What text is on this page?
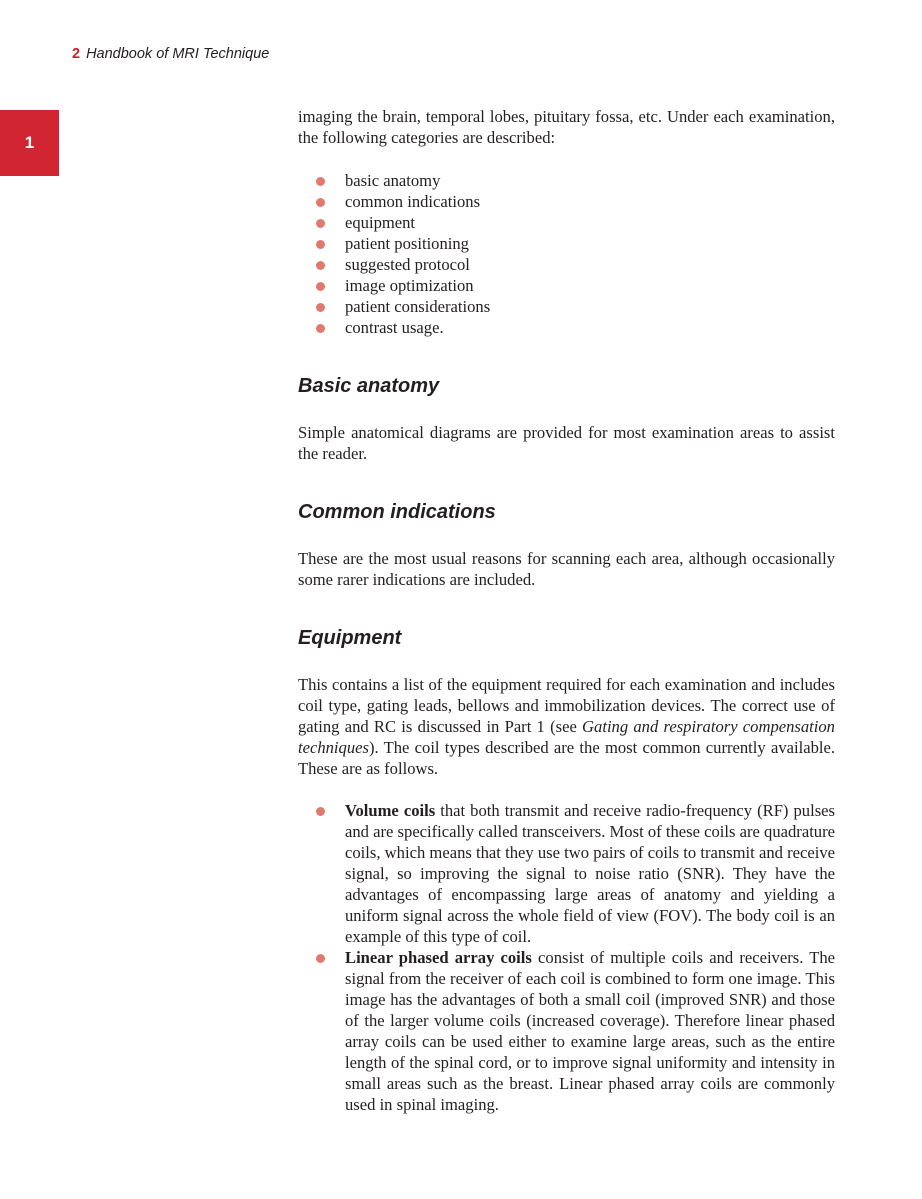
2 Handbook of MRI Technique
1

imaging the brain, temporal lobes, pituitary fossa, etc. Under each examination, the following categories are described:

basic anatomy
common indications
equipment
patient positioning
suggested protocol
image optimization
patient considerations
contrast usage.
Basic anatomy

Simple anatomical diagrams are provided for most examination areas to assist the reader.

Common indications

These are the most usual reasons for scanning each area, although occasionally some rarer indications are included.

Equipment

This contains a list of the equipment required for each examination and includes coil type, gating leads, bellows and immobilization devices. The correct use of gating and RC is discussed in Part 1 (see Gating and respiratory compensation techniques). The coil types described are the most common currently available. These are as follows.

Volume coils that both transmit and receive radio-frequency (RF) pulses and are specifically called transceivers. Most of these coils are quadrature coils, which means that they use two pairs of coils to transmit and receive signal, so improving the signal to noise ratio (SNR). They have the advantages of encompassing large areas of anatomy and yielding a uniform signal across the whole field of view (FOV). The body coil is an example of this type of coil.
Linear phased array coils consist of multiple coils and receivers. The signal from the receiver of each coil is combined to form one image. This image has the advantages of both a small coil (improved SNR) and those of the larger volume coils (increased coverage). Therefore linear phased array coils can be used either to examine large areas, such as the entire length of the spinal cord, or to improve signal uniformity and intensity in small areas such as the breast. Linear phased array coils are commonly used in spinal imaging.
